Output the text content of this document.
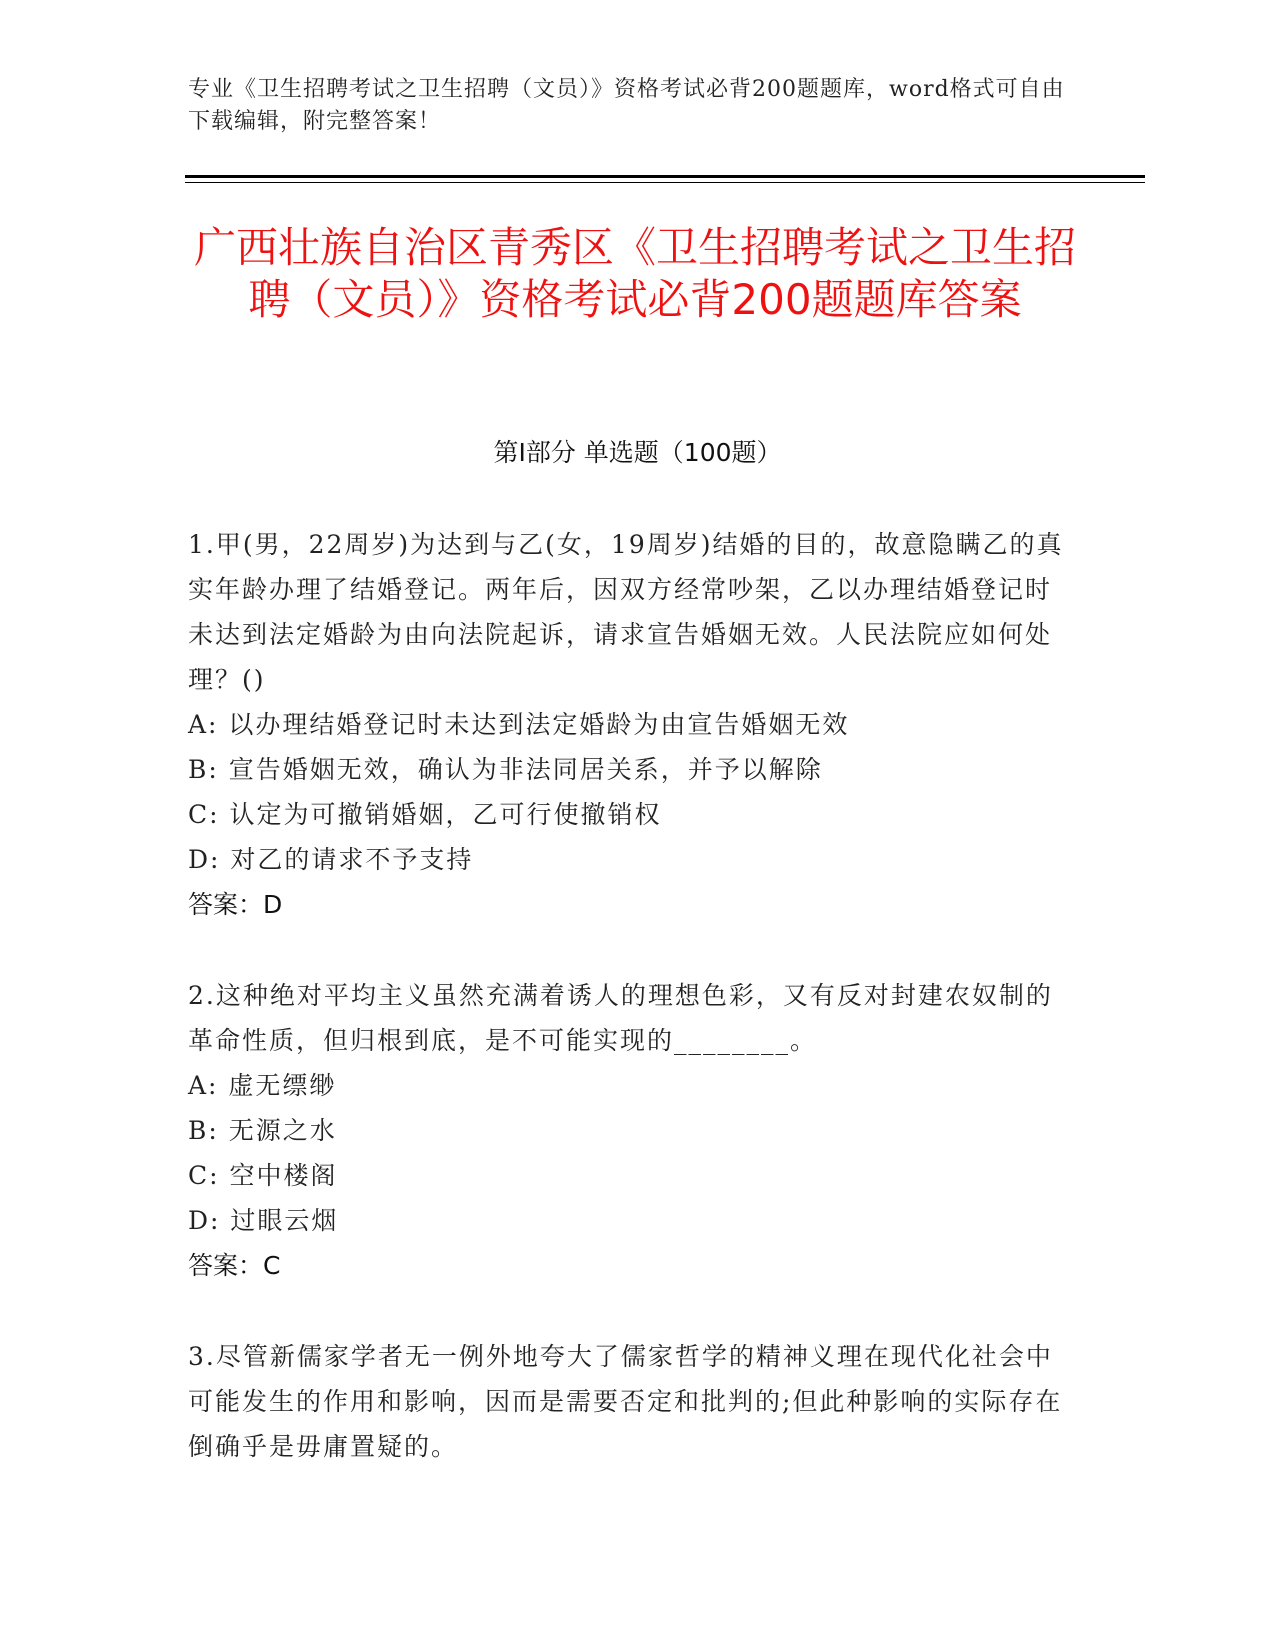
专业《卫生招聘考试之卫生招聘（文员）》资格考试必背200题题库，word格式可自由下载编辑，附完整答案！
广西壮族自治区青秀区《卫生招聘考试之卫生招聘（文员）》资格考试必背200题题库答案
第I部分 单选题（100题）
1.甲(男，22周岁)为达到与乙(女，19周岁)结婚的目的，故意隐瞒乙的真实年龄办理了结婚登记。两年后，因双方经常吵架，乙以办理结婚登记时未达到法定婚龄为由向法院起诉，请求宣告婚姻无效。人民法院应如何处理？()
A: 以办理结婚登记时未达到法定婚龄为由宣告婚姻无效
B: 宣告婚姻无效，确认为非法同居关系，并予以解除
C: 认定为可撤销婚姻，乙可行使撤销权
D: 对乙的请求不予支持
答案：D
2.这种绝对平均主义虽然充满着诱人的理想色彩，又有反对封建农奴制的革命性质，但归根到底，是不可能实现的________。
A: 虚无缥缈
B: 无源之水
C: 空中楼阁
D: 过眼云烟
答案：C
3.尽管新儒家学者无一例外地夸大了儒家哲学的精神义理在现代化社会中可能发生的作用和影响，因而是需要否定和批判的;但此种影响的实际存在倒确乎是毋庸置疑的。
